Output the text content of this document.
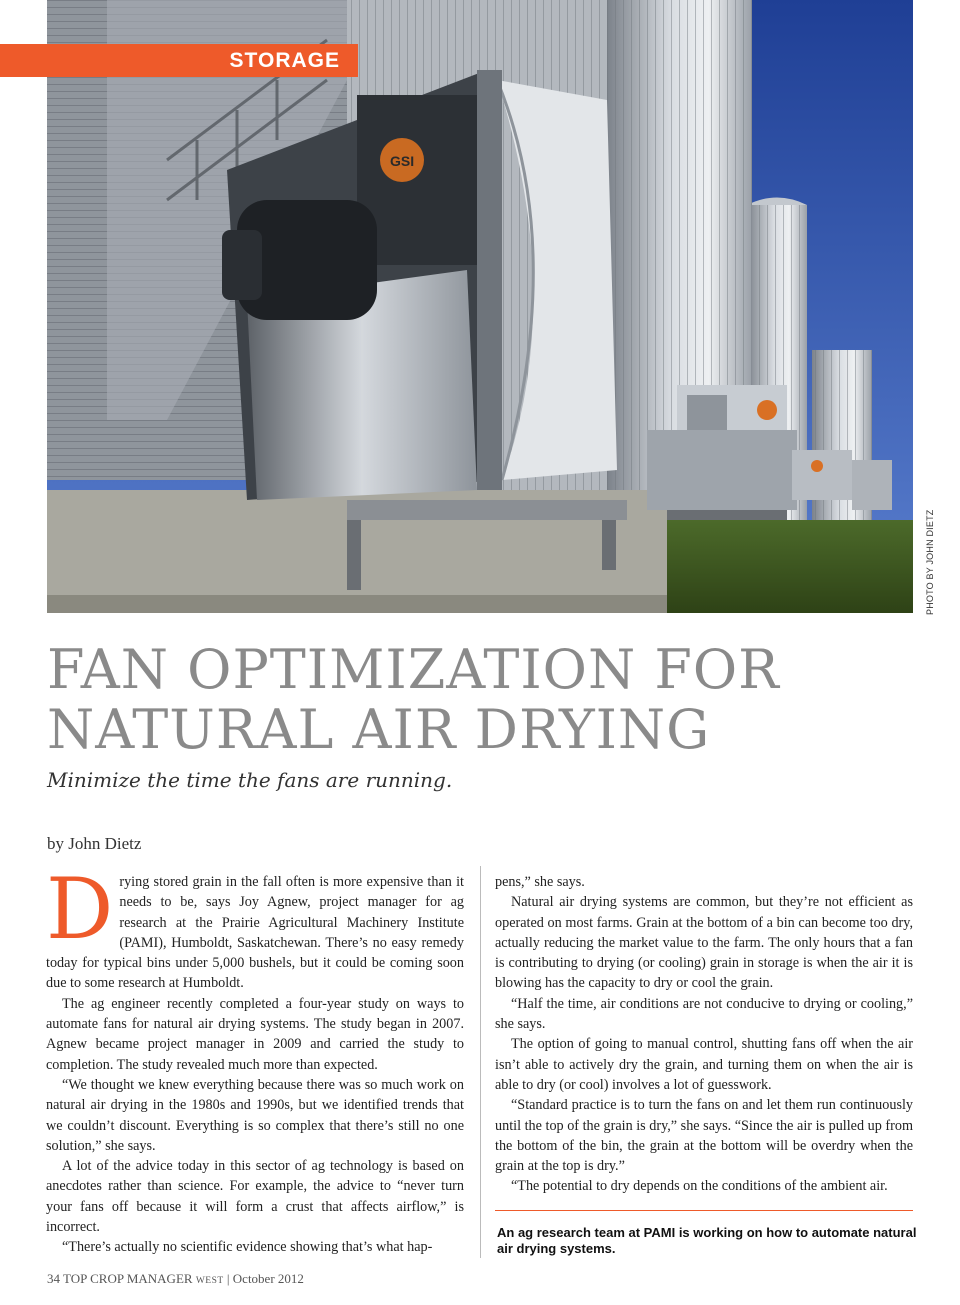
GSI
STORAGE
PHOTO BY JOHN DIETZ
FAN OPTIMIZATION FOR
NATURAL AIR DRYING

Minimize the time the fans are running.

by John Dietz

D rying stored grain in the fall often is more expensive than it needs to be, says Joy Agnew, project manager for ag research at the Prairie Agricultural Machinery Institute (PAMI), Humboldt, Saskatchewan. There’s no easy remedy today for typical bins under 5,000 bushels, but it could be coming soon due to some research at Humboldt.

The ag engineer recently completed a four-year study on ways to automate fans for natural air drying systems. The study began in 2007. Agnew became project manager in 2009 and carried the study to completion. The study revealed much more than expected.

“We thought we knew everything because there was so much work on natural air drying in the 1980s and 1990s, but we identified trends that we couldn’t discount. Everything is so complex that there’s still no one solution,” she says.

A lot of the advice today in this sector of ag technology is based on anecdotes rather than science. For example, the advice to “never turn your fans off because it will form a crust that affects airflow,” is incorrect.

“There’s actually no scientific evidence showing that’s what hap-

pens,” she says.

Natural air drying systems are common, but they’re not efficient as operated on most farms. Grain at the bottom of a bin can become too dry, actually reducing the market value to the farm. The only hours that a fan is contributing to drying (or cooling) grain in storage is when the air it is blowing has the capacity to dry or cool the grain.

“Half the time, air conditions are not conducive to drying or cooling,” she says.

The option of going to manual control, shutting fans off when the air isn’t able to actively dry the grain, and turning them on when the air is able to dry (or cool) involves a lot of guesswork.

“Standard practice is to turn the fans on and let them run continuously until the top of the grain is dry,” she says. “Since the air is pulled up from the bottom of the bin, the grain at the bottom will be overdry when the grain at the top is dry.”

“The potential to dry depends on the conditions of the ambient air.

An ag research team at PAMI is working on how to automate natural air drying systems.

34 TOP CROP MANAGER WEST | October 2012
